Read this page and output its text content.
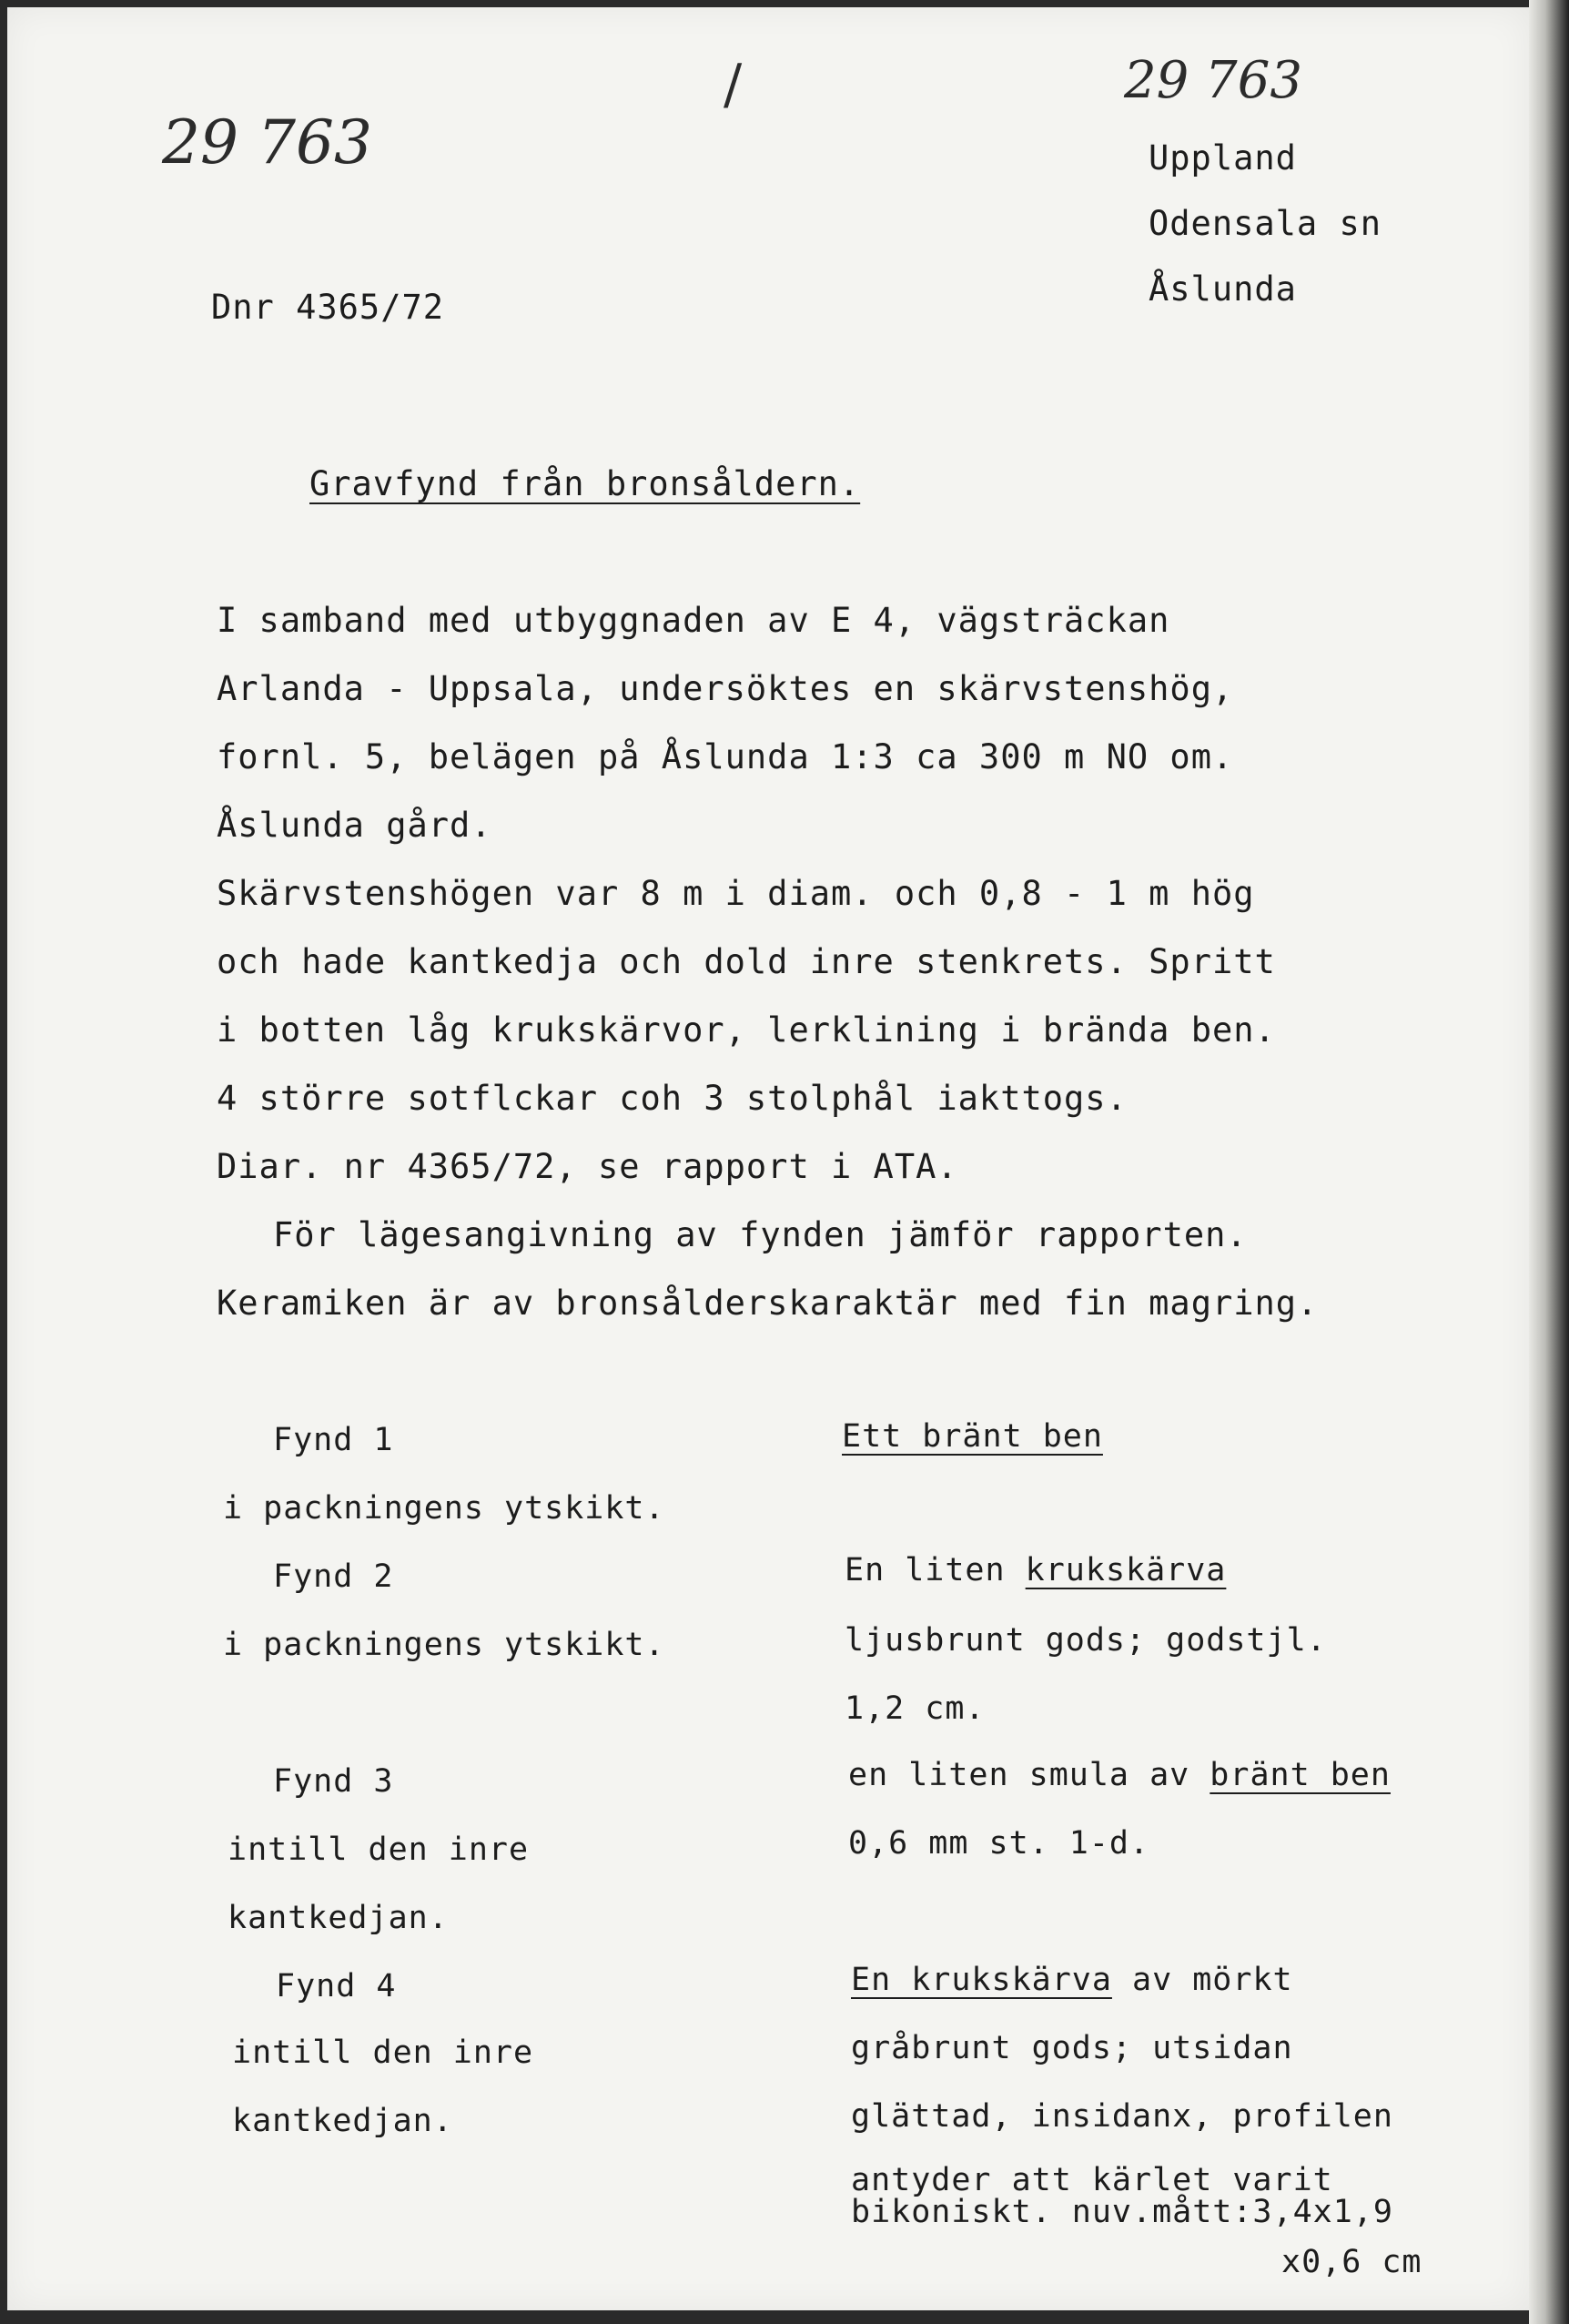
29 763

/	29 763

Uppland

Odensala sn

Åslunda

Dnr 4365/72

Gravfynd från bronsåldern.

I samband med utbyggnaden av E 4, vägsträckan

Arlanda - Uppsala, undersöktes en skärvstenshög,

fornl. 5, belägen på Åslunda 1:3 ca 300 m NO om.

Åslunda gård.

Skärvstenshögen var 8 m i diam. och 0,8 - 1 m hög

och hade kantkedja och dold inre stenkrets. Spritt

i botten låg krukskärvor, lerklining i brända ben.

4 större sotflckar coh 3 stolphål iakttogs.

Diar. nr 4365/72, se rapport i ATA.

För lägesangivning av fynden jämför rapporten.

Keramiken är av bronsålderskaraktär med fin magring.

Fynd 1

i packningens ytskikt.

Ett bränt ben

Fynd 2

i packningens ytskikt.

En liten krukskärva

ljusbrunt gods; godstjl.

1,2 cm.

Fynd 3

intill den inre

kantkedjan.

en liten smula av bränt ben

0,6 mm st. 1-d.

Fynd 4

intill den inre

kantkedjan.

En krukskärva av mörkt

gråbrunt gods; utsidan

glättad, insidanx, profilen

antyder att kärlet varit

bikoniskt. nuv.mått:3,4x1,9

x0,6 cm
